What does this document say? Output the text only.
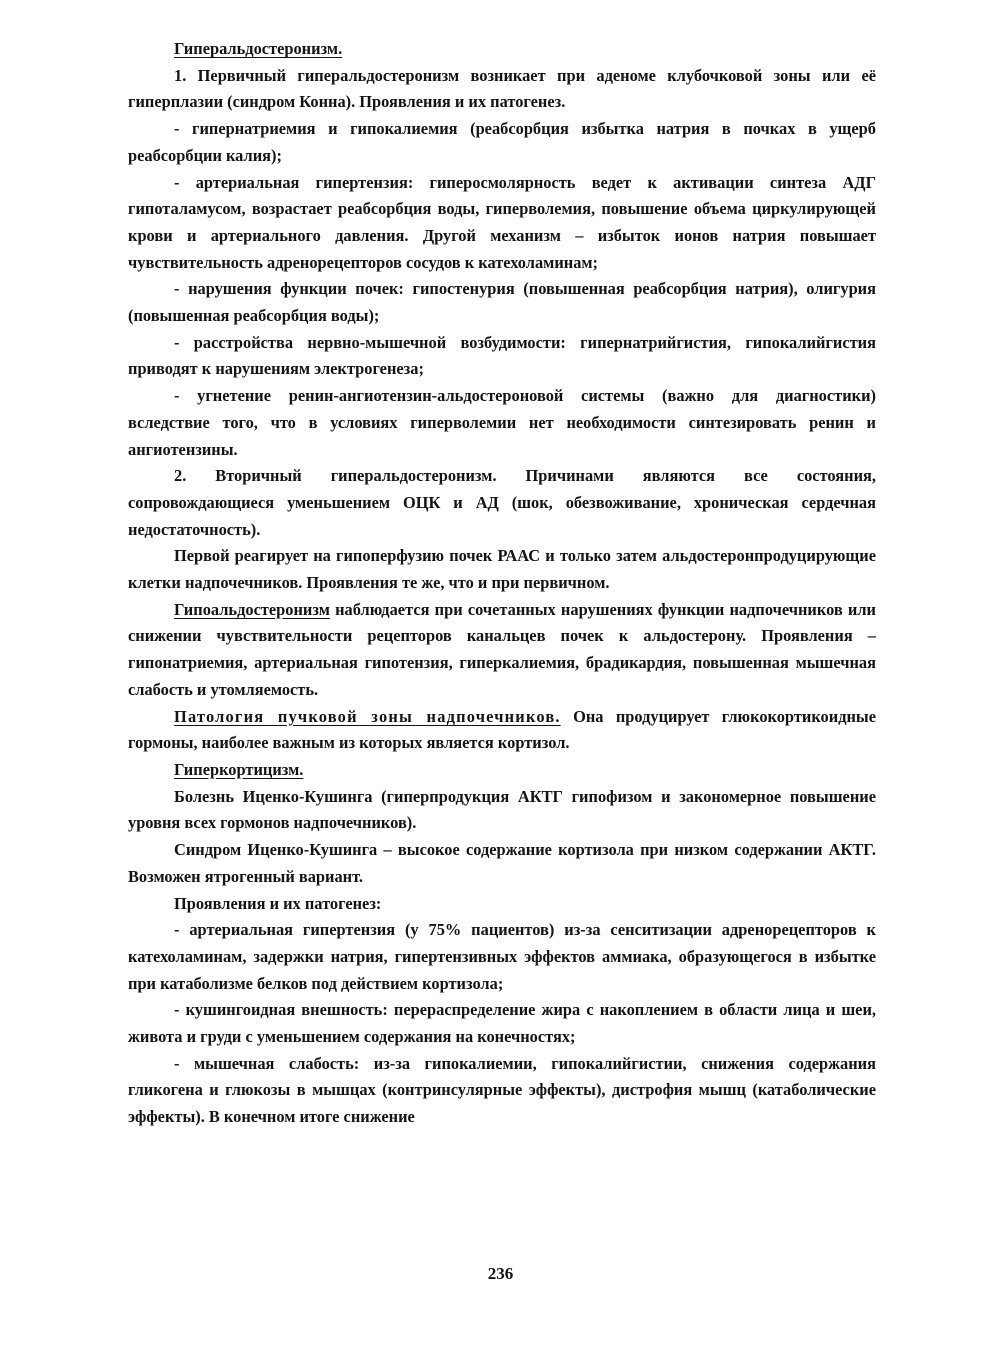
Гиперальдостеронизм.

1. Первичный гиперальдостеронизм возникает при аденоме клубочковой зоны или её гиперплазии (синдром Конна). Проявления и их патогенез.

- гипернатриемия и гипокалиемия (реабсорбция избытка натрия в почках в ущерб реабсорбции калия);

- артериальная гипертензия: гиперосмолярность ведет к активации синтеза АДГ гипоталамусом, возрастает реабсорбция воды, гиперволемия, повышение объема циркулирующей крови и артериального давления. Другой механизм – избыток ионов натрия повышает чувствительность адренорецепторов сосудов к катехоламинам;

- нарушения функции почек: гипостенурия (повышенная реабсорбция натрия), олигурия (повышенная реабсорбция воды);

- расстройства нервно-мышечной возбудимости: гипернатрийгистия, гипокалийгистия приводят к нарушениям электрогенеза;

- угнетение ренин-ангиотензин-альдостероновой системы (важно для диагностики) вследствие того, что в условиях гиперволемии нет необходимости синтезировать ренин и ангиотензины.

2. Вторичный гиперальдостеронизм. Причинами являются все состояния, сопровождающиеся уменьшением ОЦК и АД (шок, обезвоживание, хроническая сердечная недостаточность).

Первой реагирует на гипоперфузию почек РААС и только затем альдостеронпродуцирующие клетки надпочечников. Проявления те же, что и при первичном.

Гипоальдостеронизм наблюдается при сочетанных нарушениях функции надпочечников или снижении чувствительности рецепторов канальцев почек к альдостерону. Проявления – гипонатриемия, артериальная гипотензия, гиперкалиемия, брадикардия, повышенная мышечная слабость и утомляемость.

Патология пучковой зоны надпочечников. Она продуцирует глюкокортикоидные гормоны, наиболее важным из которых является кортизол.

Гиперкортицизм.

Болезнь Иценко-Кушинга (гиперпродукция АКТГ гипофизом и закономерное повышение уровня всех гормонов надпочечников).

Синдром Иценко-Кушинга – высокое содержание кортизола при низком содержании АКТГ. Возможен ятрогенный вариант.

Проявления и их патогенез:

- артериальная гипертензия (у 75% пациентов) из-за сенситизации адренорецепторов к катехоламинам, задержки натрия, гипертензивных эффектов аммиака, образующегося в избытке при катаболизме белков под действием кортизола;

- кушингоидная внешность: перераспределение жира с накоплением в области лица и шеи, живота и груди с уменьшением содержания на конечностях;

- мышечная слабость: из-за гипокалиемии, гипокалийгистии, снижения содержания гликогена и глюкозы в мышцах (контринсулярные эффекты), дистрофия мышц (катаболические эффекты). В конечном итоге снижение

236
